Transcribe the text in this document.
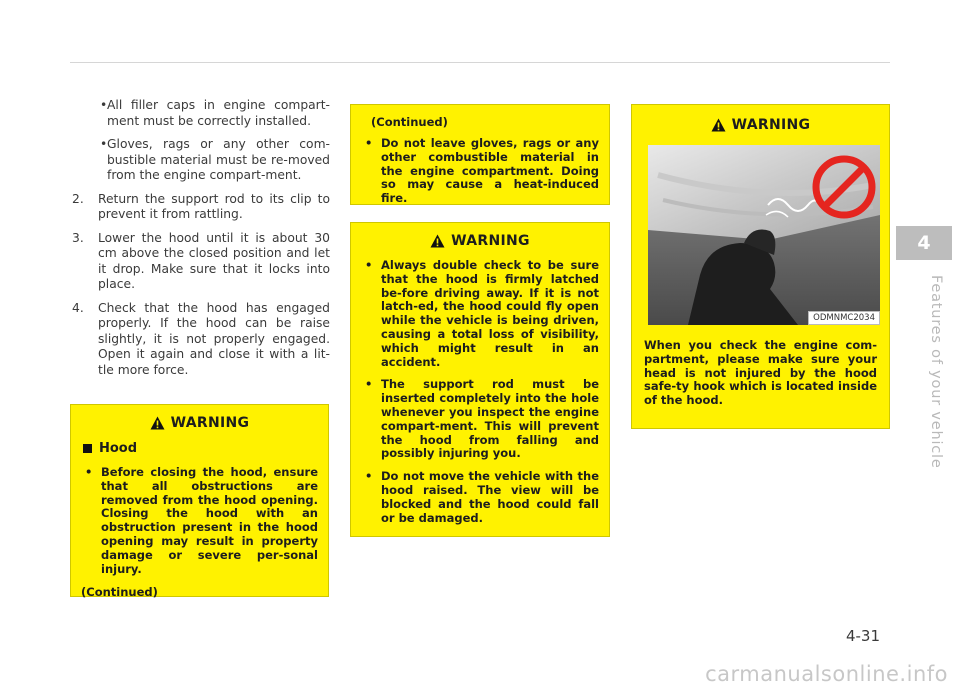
• All filler caps in engine compart-ment must be correctly installed.
• Gloves, rags or any other com-bustible material must be re-moved from the engine compart-ment.
2. Return the support rod to its clip to prevent it from rattling.
3. Lower the hood until it is about 30 cm above the closed position and let it drop. Make sure that it locks into place.
4. Check that the hood has engaged properly. If the hood can be raise slightly, it is not properly engaged. Open it again and close it with a lit-tle more force.
WARNING
Hood
• Before closing the hood, ensure that all obstructions are removed from the hood opening. Closing the hood with an obstruction present in the hood opening may result in property damage or severe per-sonal injury.
(Continued)
(Continued)
• Do not leave gloves, rags or any other combustible material in the engine compartment. Doing so may cause a heat-induced fire.
WARNING
• Always double check to be sure that the hood is firmly latched be-fore driving away. If it is not latch-ed, the hood could fly open while the vehicle is being driven, causing a total loss of visibility, which might result in an accident.
• The support rod must be inserted completely into the hole whenever you inspect the engine compart-ment. This will prevent the hood from falling and possibly injuring you.
• Do not move the vehicle with the hood raised. The view will be blocked and the hood could fall or be damaged.
WARNING
ODMNMC2034
When you check the engine com-partment, please make sure your head is not injured by the hood safe-ty hook which is located inside of the hood.
4
Features of your vehicle
4-31
carmanualsonline.info
